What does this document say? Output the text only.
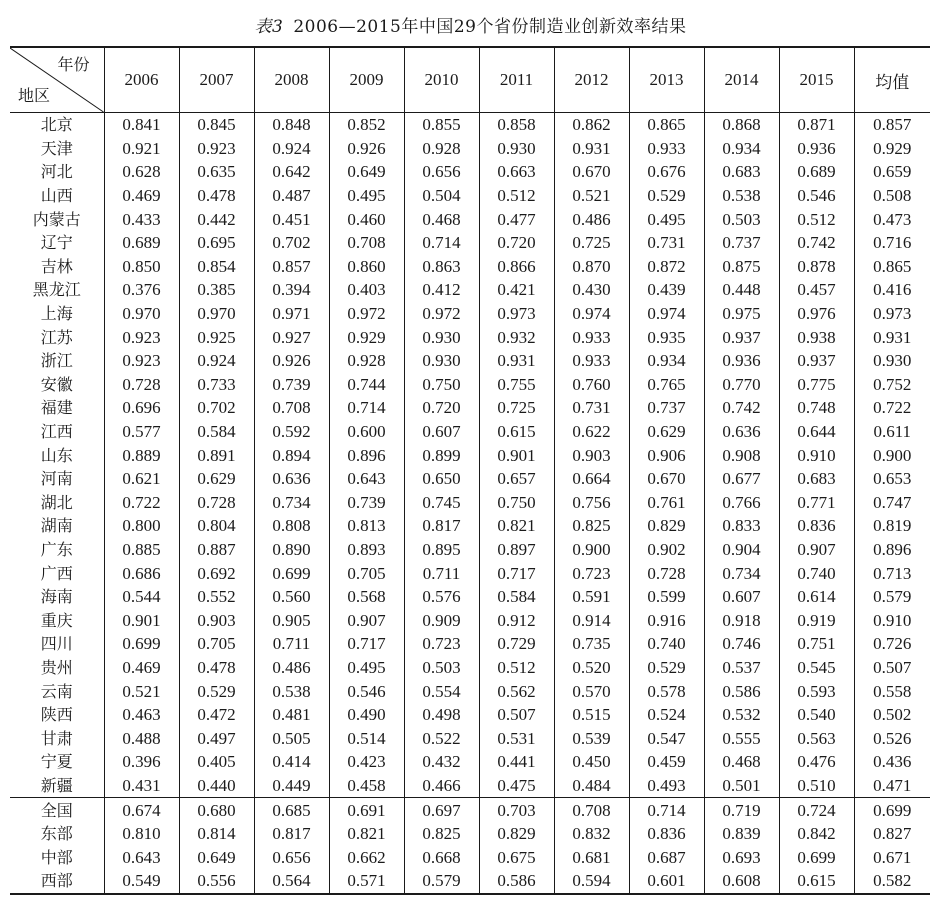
表3 2006—2015年中国29个省份制造业创新效率结果
年份
地区	2006	2007	2008	2009	2010	2011	2012	2013	2014	2015	均值
北京	0.841	0.845	0.848	0.852	0.855	0.858	0.862	0.865	0.868	0.871	0.857
天津	0.921	0.923	0.924	0.926	0.928	0.930	0.931	0.933	0.934	0.936	0.929
河北	0.628	0.635	0.642	0.649	0.656	0.663	0.670	0.676	0.683	0.689	0.659
山西	0.469	0.478	0.487	0.495	0.504	0.512	0.521	0.529	0.538	0.546	0.508
内蒙古	0.433	0.442	0.451	0.460	0.468	0.477	0.486	0.495	0.503	0.512	0.473
辽宁	0.689	0.695	0.702	0.708	0.714	0.720	0.725	0.731	0.737	0.742	0.716
吉林	0.850	0.854	0.857	0.860	0.863	0.866	0.870	0.872	0.875	0.878	0.865
黑龙江	0.376	0.385	0.394	0.403	0.412	0.421	0.430	0.439	0.448	0.457	0.416
上海	0.970	0.970	0.971	0.972	0.972	0.973	0.974	0.974	0.975	0.976	0.973
江苏	0.923	0.925	0.927	0.929	0.930	0.932	0.933	0.935	0.937	0.938	0.931
浙江	0.923	0.924	0.926	0.928	0.930	0.931	0.933	0.934	0.936	0.937	0.930
安徽	0.728	0.733	0.739	0.744	0.750	0.755	0.760	0.765	0.770	0.775	0.752
福建	0.696	0.702	0.708	0.714	0.720	0.725	0.731	0.737	0.742	0.748	0.722
江西	0.577	0.584	0.592	0.600	0.607	0.615	0.622	0.629	0.636	0.644	0.611
山东	0.889	0.891	0.894	0.896	0.899	0.901	0.903	0.906	0.908	0.910	0.900
河南	0.621	0.629	0.636	0.643	0.650	0.657	0.664	0.670	0.677	0.683	0.653
湖北	0.722	0.728	0.734	0.739	0.745	0.750	0.756	0.761	0.766	0.771	0.747
湖南	0.800	0.804	0.808	0.813	0.817	0.821	0.825	0.829	0.833	0.836	0.819
广东	0.885	0.887	0.890	0.893	0.895	0.897	0.900	0.902	0.904	0.907	0.896
广西	0.686	0.692	0.699	0.705	0.711	0.717	0.723	0.728	0.734	0.740	0.713
海南	0.544	0.552	0.560	0.568	0.576	0.584	0.591	0.599	0.607	0.614	0.579
重庆	0.901	0.903	0.905	0.907	0.909	0.912	0.914	0.916	0.918	0.919	0.910
四川	0.699	0.705	0.711	0.717	0.723	0.729	0.735	0.740	0.746	0.751	0.726
贵州	0.469	0.478	0.486	0.495	0.503	0.512	0.520	0.529	0.537	0.545	0.507
云南	0.521	0.529	0.538	0.546	0.554	0.562	0.570	0.578	0.586	0.593	0.558
陕西	0.463	0.472	0.481	0.490	0.498	0.507	0.515	0.524	0.532	0.540	0.502
甘肃	0.488	0.497	0.505	0.514	0.522	0.531	0.539	0.547	0.555	0.563	0.526
宁夏	0.396	0.405	0.414	0.423	0.432	0.441	0.450	0.459	0.468	0.476	0.436
新疆	0.431	0.440	0.449	0.458	0.466	0.475	0.484	0.493	0.501	0.510	0.471
全国	0.674	0.680	0.685	0.691	0.697	0.703	0.708	0.714	0.719	0.724	0.699
东部	0.810	0.814	0.817	0.821	0.825	0.829	0.832	0.836	0.839	0.842	0.827
中部	0.643	0.649	0.656	0.662	0.668	0.675	0.681	0.687	0.693	0.699	0.671
西部	0.549	0.556	0.564	0.571	0.579	0.586	0.594	0.601	0.608	0.615	0.582
